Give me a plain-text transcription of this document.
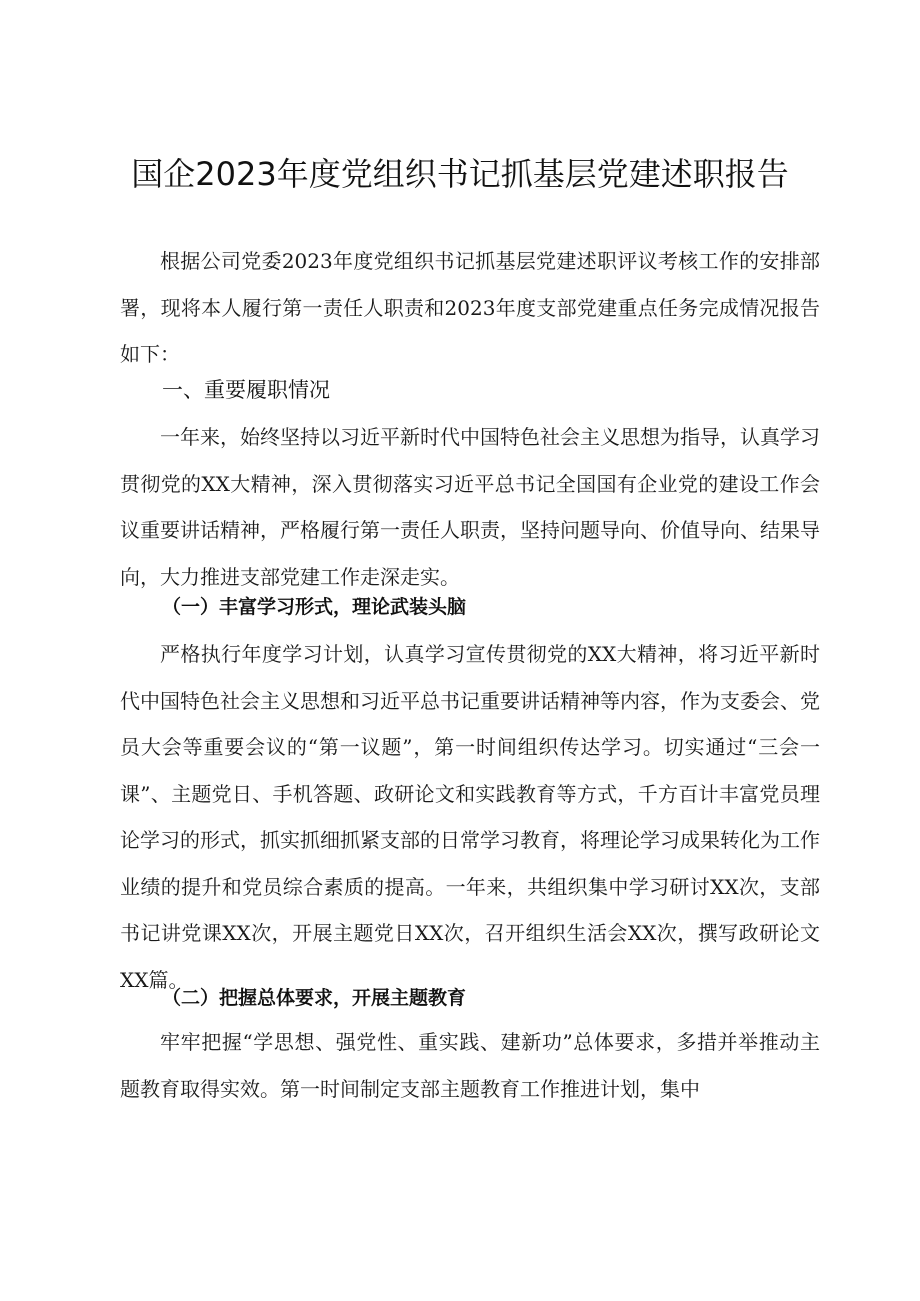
国企2023年度党组织书记抓基层党建述职报告

根据公司党委2023年度党组织书记抓基层党建述职评议考核工作的安排部署，现将本人履行第一责任人职责和2023年度支部党建重点任务完成情况报告如下：

一、重要履职情况

一年来，始终坚持以习近平新时代中国特色社会主义思想为指导，认真学习贯彻党的XX大精神，深入贯彻落实习近平总书记全国国有企业党的建设工作会议重要讲话精神，严格履行第一责任人职责，坚持问题导向、价值导向、结果导向，大力推进支部党建工作走深走实。

（一）丰富学习形式，理论武装头脑

严格执行年度学习计划，认真学习宣传贯彻党的XX大精神，将习近平新时代中国特色社会主义思想和习近平总书记重要讲话精神等内容，作为支委会、党员大会等重要会议的“第一议题”，第一时间组织传达学习。切实通过“三会一课”、主题党日、手机答题、政研论文和实践教育等方式，千方百计丰富党员理论学习的形式，抓实抓细抓紧支部的日常学习教育，将理论学习成果转化为工作业绩的提升和党员综合素质的提高。一年来，共组织集中学习研讨XX次，支部书记讲党课XX次，开展主题党日XX次，召开组织生活会XX次，撰写政研论文XX篇。

（二）把握总体要求，开展主题教育

牢牢把握“学思想、强党性、重实践、建新功”总体要求，多措并举推动主题教育取得实效。第一时间制定支部主题教育工作推进计划，集中
